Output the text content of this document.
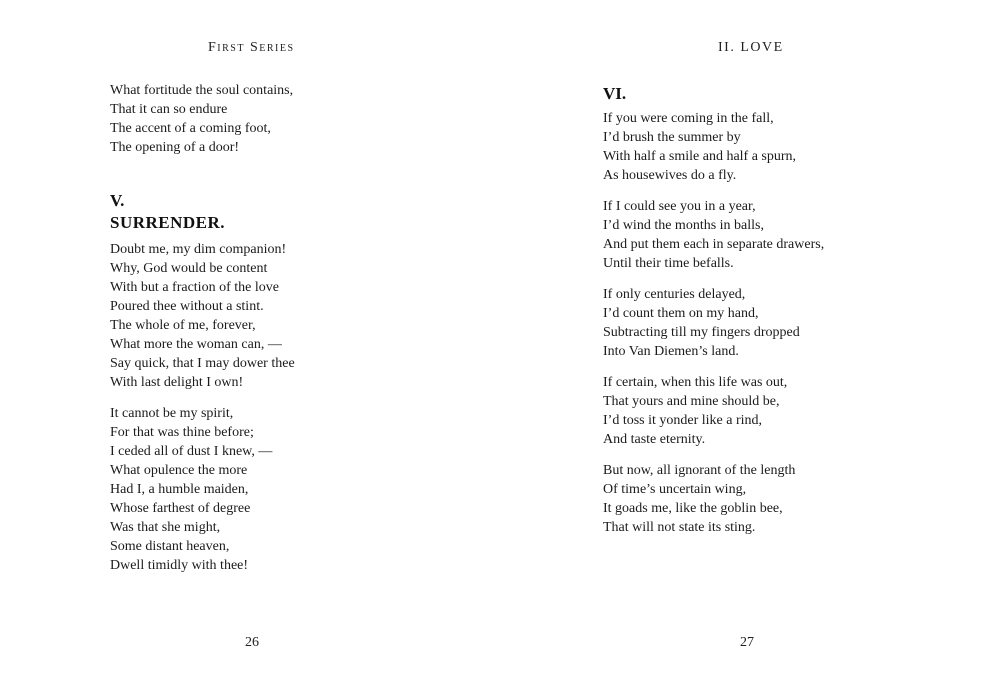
First Series
What fortitude the soul contains,
That it can so endure
The accent of a coming foot,
The opening of a door!
V.
SURRENDER.
Doubt me, my dim companion!
Why, God would be content
With but a fraction of the love
Poured thee without a stint.
The whole of me, forever,
What more the woman can, —
Say quick, that I may dower thee
With last delight I own!
It cannot be my spirit,
For that was thine before;
I ceded all of dust I knew, —
What opulence the more
Had I, a humble maiden,
Whose farthest of degree
Was that she might,
Some distant heaven,
Dwell timidly with thee!
26
II. LOVE
VI.
If you were coming in the fall,
I’d brush the summer by
With half a smile and half a spurn,
As housewives do a fly.
If I could see you in a year,
I’d wind the months in balls,
And put them each in separate drawers,
Until their time befalls.
If only centuries delayed,
I’d count them on my hand,
Subtracting till my fingers dropped
Into Van Diemen’s land.
If certain, when this life was out,
That yours and mine should be,
I’d toss it yonder like a rind,
And taste eternity.
But now, all ignorant of the length
Of time’s uncertain wing,
It goads me, like the goblin bee,
That will not state its sting.
27
